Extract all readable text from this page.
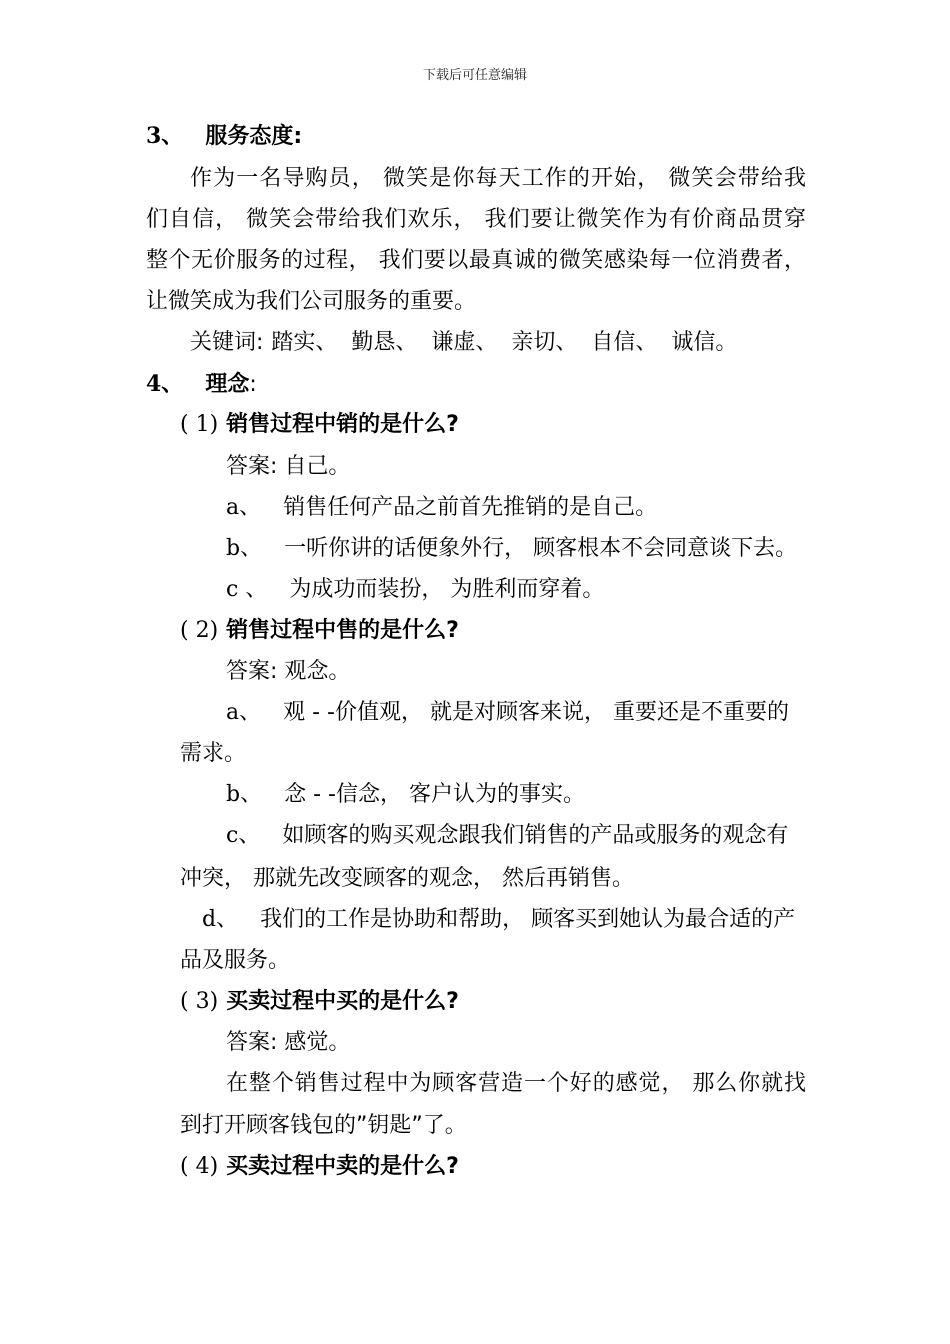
下载后可任意编辑
3、 服务态度:
作为一名导购员， 微笑是你每天工作的开始， 微笑会带给我
们自信， 微笑会带给我们欢乐， 我们要让微笑作为有价商品贯穿
整个无价服务的过程， 我们要以最真诚的微笑感染每一位消费者，
让微笑成为我们公司服务的重要。
关键词: 踏实、  勤恳、  谦虚、  亲切、  自信、  诚信。
4、 理念:
( 1) 销售过程中销的是什么?
答案: 自己。
a、 销售任何产品之前首先推销的是自己。
b、 一听你讲的话便象外行， 顾客根本不会同意谈下去。
c 、 为成功而装扮， 为胜利而穿着。
( 2) 销售过程中售的是什么?
答案: 观念。
a、 观 - -价值观， 就是对顾客来说， 重要还是不重要的
需求。
b、 念 - -信念， 客户认为的事实。
c、 如顾客的购买观念跟我们销售的产品或服务的观念有
冲突， 那就先改变顾客的观念， 然后再销售。
d、 我们的工作是协助和帮助， 顾客买到她认为最合适的产
品及服务。
( 3) 买卖过程中买的是什么?
答案: 感觉。
在整个销售过程中为顾客营造一个好的感觉， 那么你就找
到打开顾客钱包的”钥匙”了。
( 4) 买卖过程中卖的是什么?
